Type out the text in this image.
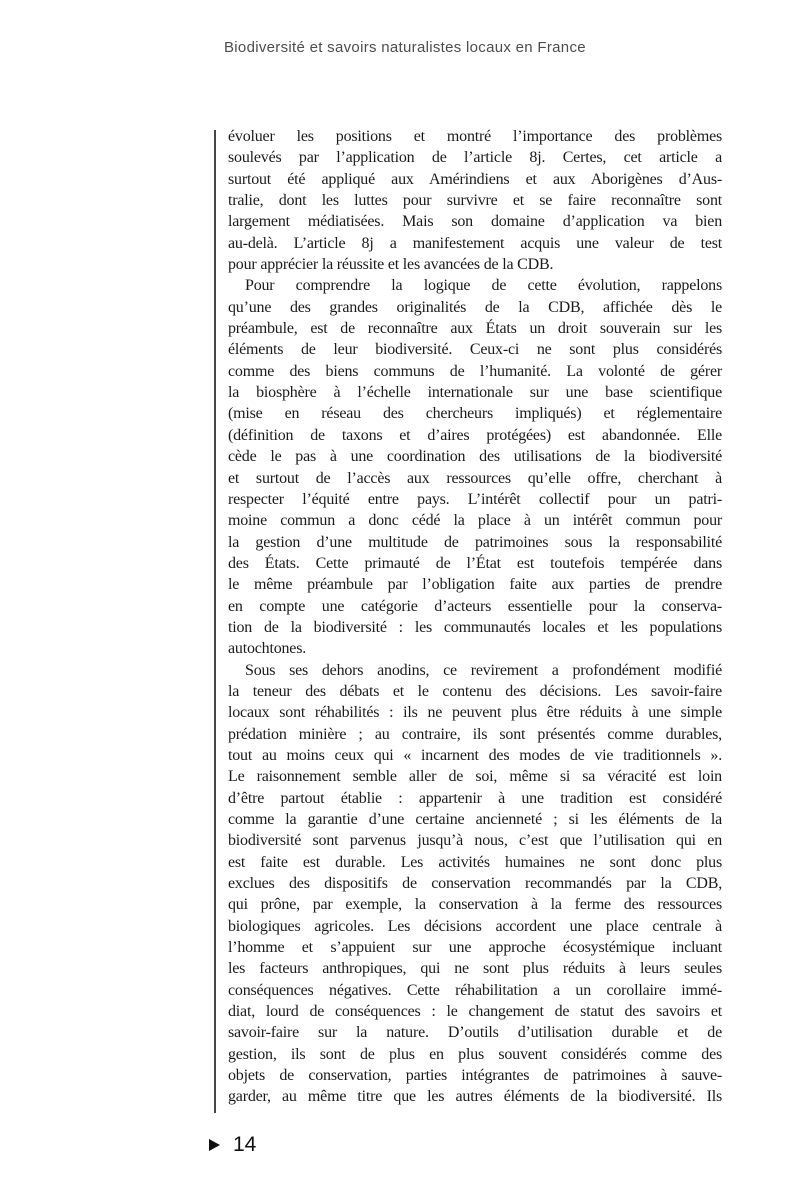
Biodiversité et savoirs naturalistes locaux en France
évoluer les positions et montré l’importance des problèmes
soulevés par l’application de l’article 8j. Certes, cet article a
surtout été appliqué aux Amérindiens et aux Aborigènes d’Aus-
tralie, dont les luttes pour survivre et se faire reconnaître sont
largement médiatisées. Mais son domaine d’application va bien
au-delà. L’article 8j a manifestement acquis une valeur de test
pour apprécier la réussite et les avancées de la CDB.
Pour comprendre la logique de cette évolution, rappelons
qu’une des grandes originalités de la CDB, affichée dès le
préambule, est de reconnaître aux États un droit souverain sur les
éléments de leur biodiversité. Ceux-ci ne sont plus considérés
comme des biens communs de l’humanité. La volonté de gérer
la biosphère à l’échelle internationale sur une base scientifique
(mise en réseau des chercheurs impliqués) et réglementaire
(définition de taxons et d’aires protégées) est abandonnée. Elle
cède le pas à une coordination des utilisations de la biodiversité
et surtout de l’accès aux ressources qu’elle offre, cherchant à
respecter l’équité entre pays. L’intérêt collectif pour un patri-
moine commun a donc cédé la place à un intérêt commun pour
la gestion d’une multitude de patrimoines sous la responsabilité
des États. Cette primauté de l’État est toutefois tempérée dans
le même préambule par l’obligation faite aux parties de prendre
en compte une catégorie d’acteurs essentielle pour la conserva-
tion de la biodiversité : les communautés locales et les populations
autochtones.
Sous ses dehors anodins, ce revirement a profondément modifié
la teneur des débats et le contenu des décisions. Les savoir-faire
locaux sont réhabilités : ils ne peuvent plus être réduits à une simple
prédation minière ; au contraire, ils sont présentés comme durables,
tout au moins ceux qui « incarnent des modes de vie traditionnels ».
Le raisonnement semble aller de soi, même si sa véracité est loin
d’être partout établie : appartenir à une tradition est considéré
comme la garantie d’une certaine ancienneté ; si les éléments de la
biodiversité sont parvenus jusqu’à nous, c’est que l’utilisation qui en
est faite est durable. Les activités humaines ne sont donc plus
exclues des dispositifs de conservation recommandés par la CDB,
qui prône, par exemple, la conservation à la ferme des ressources
biologiques agricoles. Les décisions accordent une place centrale à
l’homme et s’appuient sur une approche écosystémique incluant
les facteurs anthropiques, qui ne sont plus réduits à leurs seules
conséquences négatives. Cette réhabilitation a un corollaire immé-
diat, lourd de conséquences : le changement de statut des savoirs et
savoir-faire sur la nature. D’outils d’utilisation durable et de
gestion, ils sont de plus en plus souvent considérés comme des
objets de conservation, parties intégrantes de patrimoines à sauve-
garder, au même titre que les autres éléments de la biodiversité. Ils
14
